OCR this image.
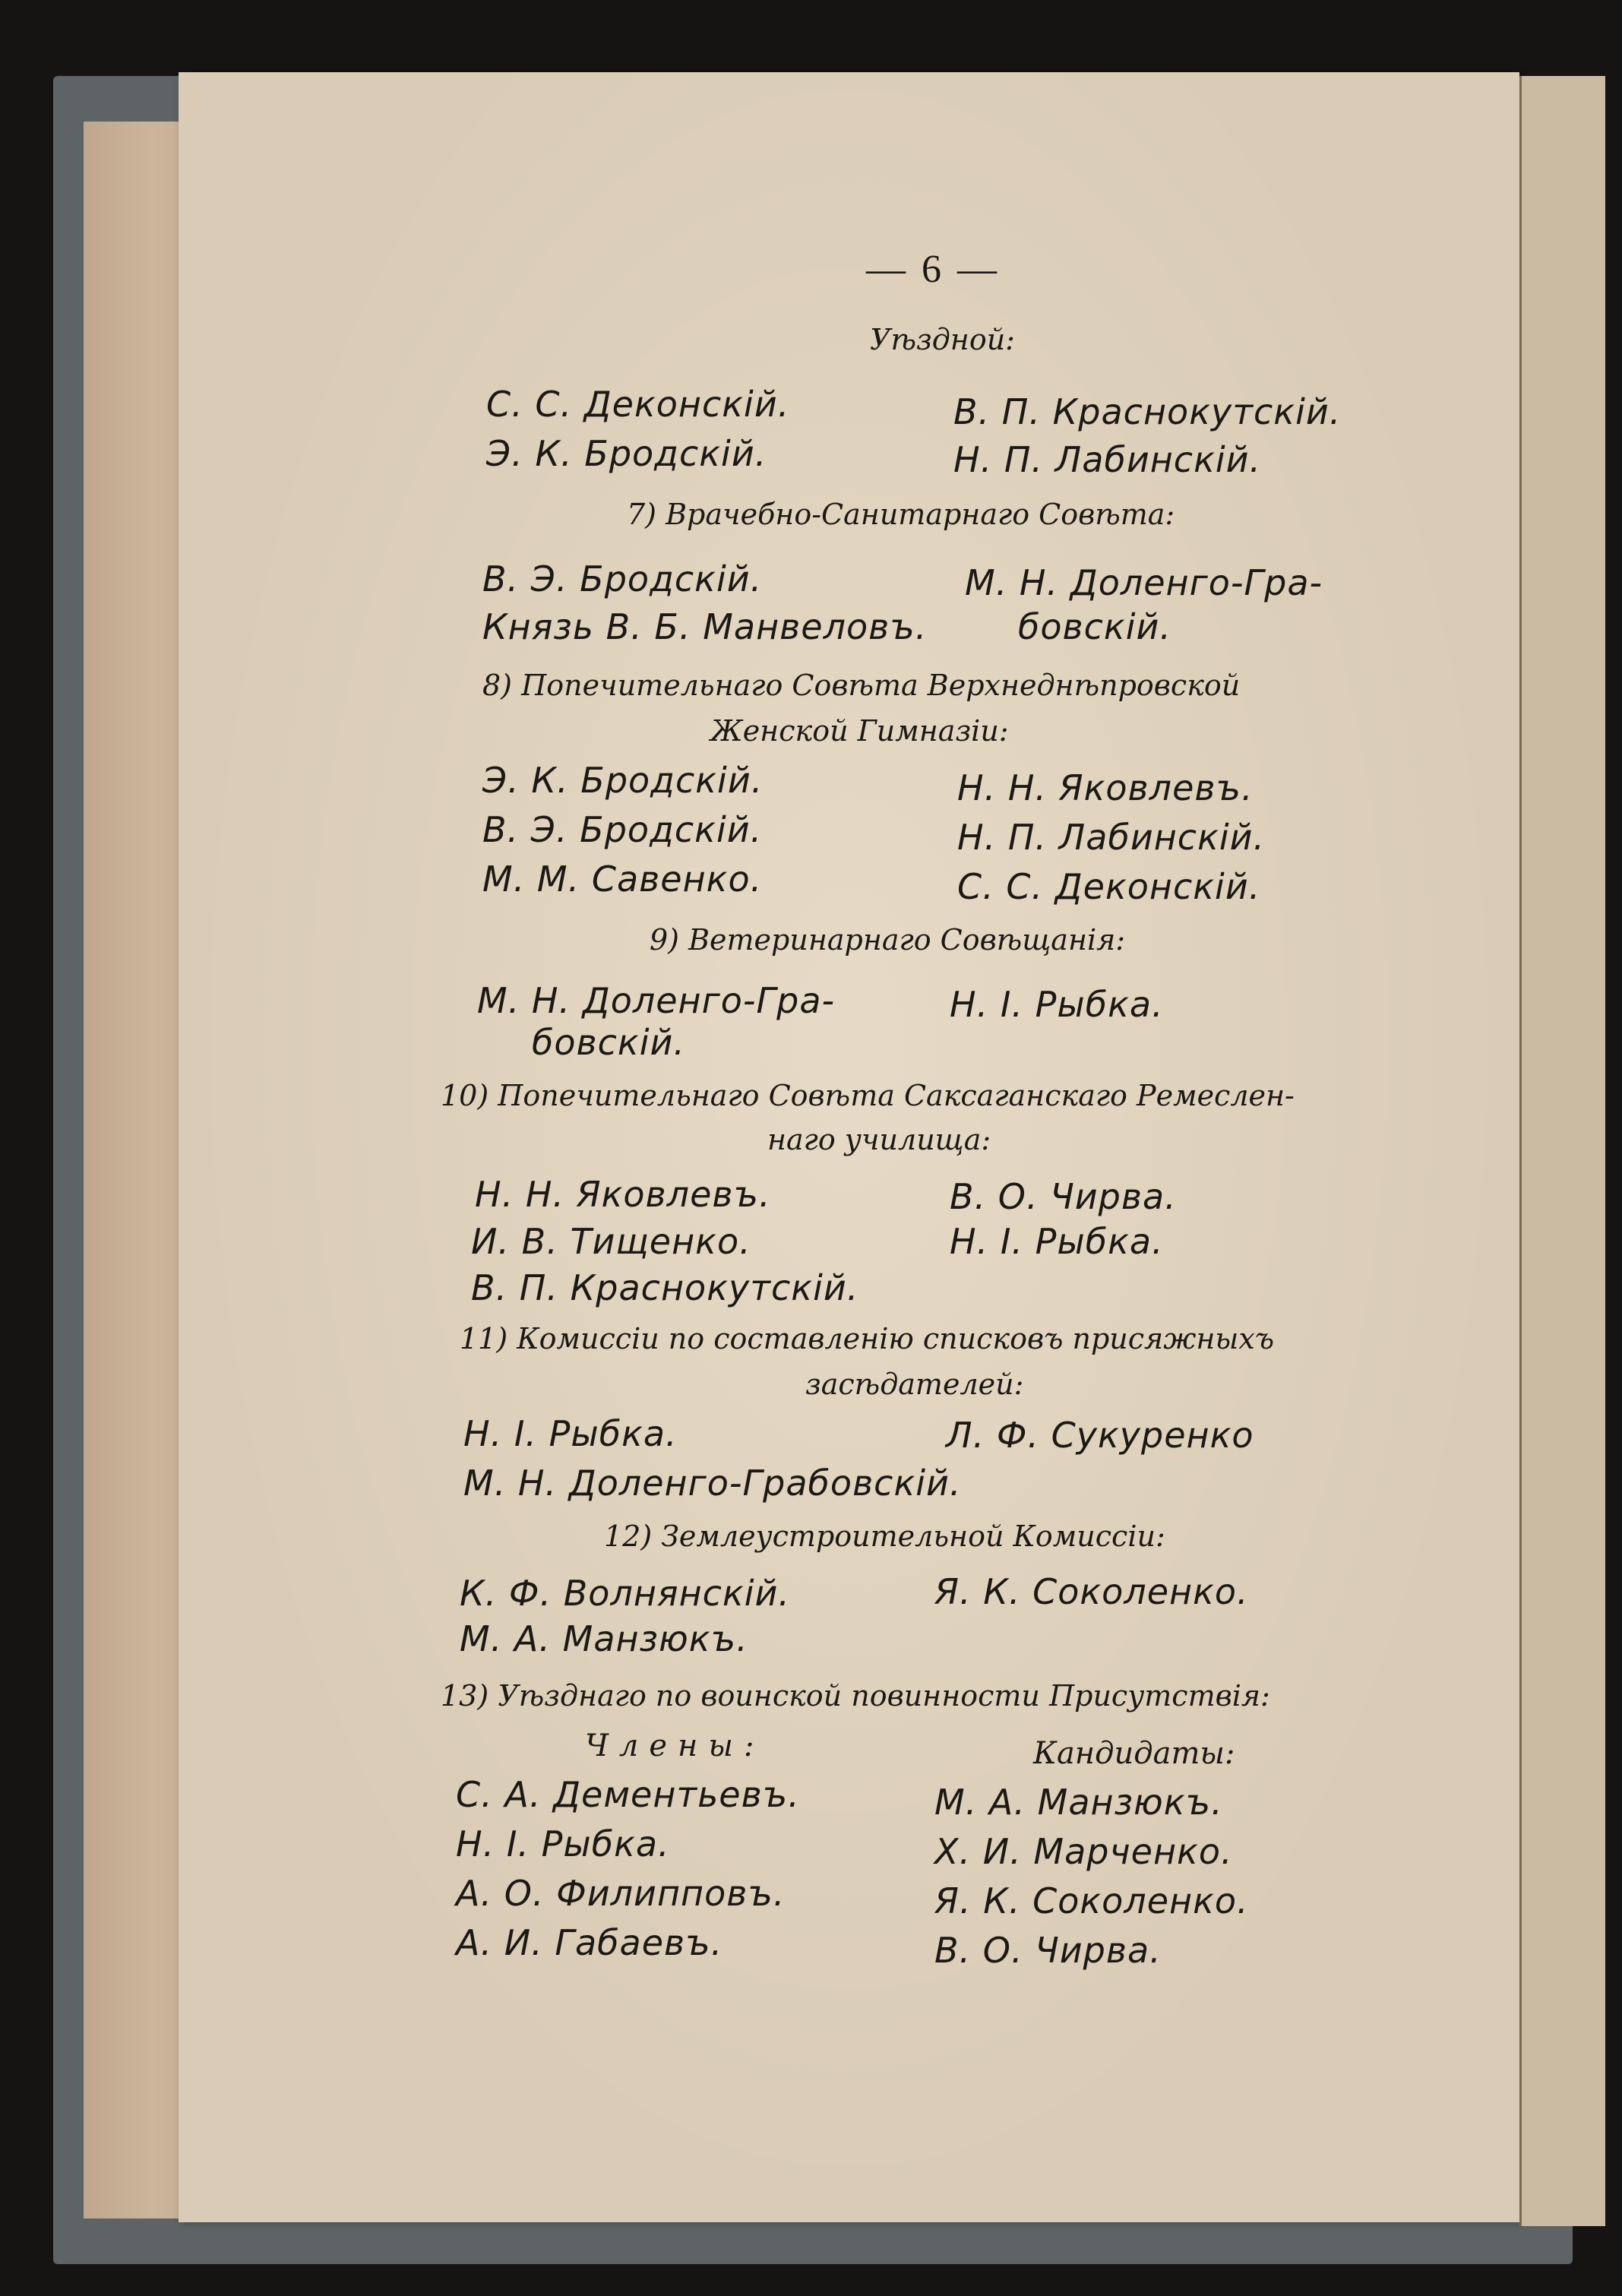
— 6 —
Уѣздной:
С. С. Деконскій.
Э. К. Бродскій.
В. П. Краснокутскій.
Н. П. Лабинскій.
7) Врачебно-Санитарнаго Совѣта:
В. Э. Бродскій.
Князь В. Б. Манвеловъ.
М. Н. Доленго-Гра-
бовскій.
8) Попечительнаго Совѣта Верхнеднѣпровской
Женской Гимназіи:
Э. К. Бродскій.
В. Э. Бродскій.
М. М. Савенко.
Н. Н. Яковлевъ.
Н. П. Лабинскій.
С. С. Деконскій.
9) Ветеринарнаго Совѣщанія:
М. Н. Доленго-Гра-
бовскій.
Н. І. Рыбка.
10) Попечительнаго Совѣта Саксаганскаго Ремеслен-
наго училища:
Н. Н. Яковлевъ.
И. В. Тищенко.
В. П. Краснокутскій.
В. О. Чирва.
Н. І. Рыбка.
11) Комиссіи по составленію списковъ присяжныхъ
засѣдателей:
Н. І. Рыбка.
М. Н. Доленго-Грабовскій.
Л. Ф. Сукуренко
12) Землеустроительной Комиссіи:
К. Ф. Волнянскій.
М. А. Манзюкъ.
Я. К. Соколенко.
13) Уѣзднаго по воинской повинности Присутствія:
Члены:	Кандидаты:
С. А. Дементьевъ.
Н. І. Рыбка.
А. О. Филипповъ.
А. И. Габаевъ.
М. А. Манзюкъ.
Х. И. Марченко.
Я. К. Соколенко.
В. О. Чирва.
